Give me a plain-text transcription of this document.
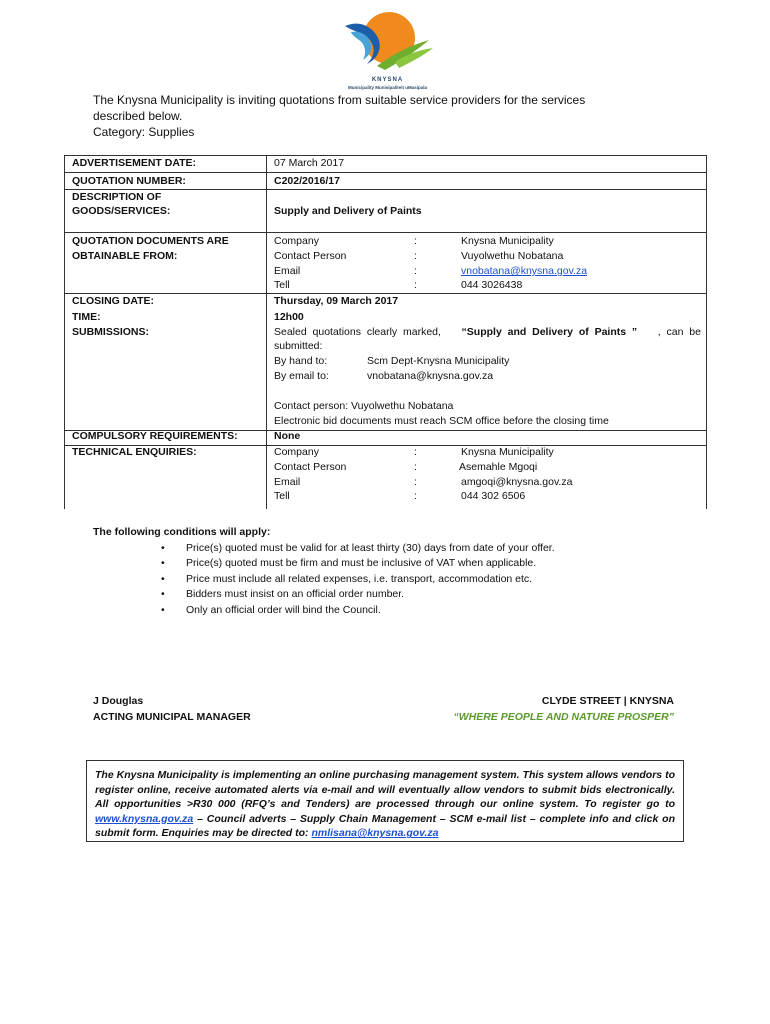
KNYSNA
Municipality Munisipaliteit uMasipala
The Knysna Municipality is inviting quotations from suitable service providers for the services
described below.
Category: Supplies
ADVERTISEMENT DATE:	07 March 2017
QUOTATION NUMBER:	C202/2016/17
DESCRIPTION OF
GOODS/SERVICES:	Supply and Delivery of Paints
QUOTATION DOCUMENTS ARE
OBTAINABLE FROM:
Company	:	Knysna Municipality
Contact Person	:	Vuyolwethu Nobatana
Email	:	vnobatana@knysna.gov.za
Tell	:	044 3026438
CLOSING DATE:	Thursday, 09 March 2017
TIME:	12h00
SUBMISSIONS:	Sealed  quotations  clearly  marked, “Supply  and  Delivery  of  Paints  ” ,  can  be
submitted:
By hand to:	Scm Dept-Knysna Municipality
By email to:	vnobatana@knysna.gov.za
Contact person: Vuyolwethu Nobatana
Electronic bid documents must reach SCM office before the closing time
COMPULSORY REQUIREMENTS:	None
TECHNICAL ENQUIRIES:	Company	:	Knysna Municipality
Contact Person	:	Asemahle Mgoqi
Email	:	amgoqi@knysna.gov.za
Tell	:	044 302 6506
The following conditions will apply:
• Price(s) quoted must be valid for at least thirty (30) days from date of your offer.
• Price(s) quoted must be firm and must be inclusive of VAT when applicable.
• Price must include all related expenses, i.e. transport, accommodation etc.
• Bidders must insist on an official order number.
• Only an official order will bind the Council.
J Douglas
ACTING MUNICIPAL MANAGER
CLYDE STREET | KNYSNA
“WHERE PEOPLE AND NATURE PROSPER”
The Knysna Municipality is implementing an online purchasing management system. This system allows vendors to register online, receive automated alerts via e-mail and will eventually allow vendors to submit bids electronically. All opportunities >R30 000 (RFQ’s and Tenders) are processed through our online system. To register go to www.knysna.gov.za – Council adverts – Supply Chain Management – SCM e-mail list – complete info and click on submit form. Enquiries may be directed to: nmlisana@knysna.gov.za
